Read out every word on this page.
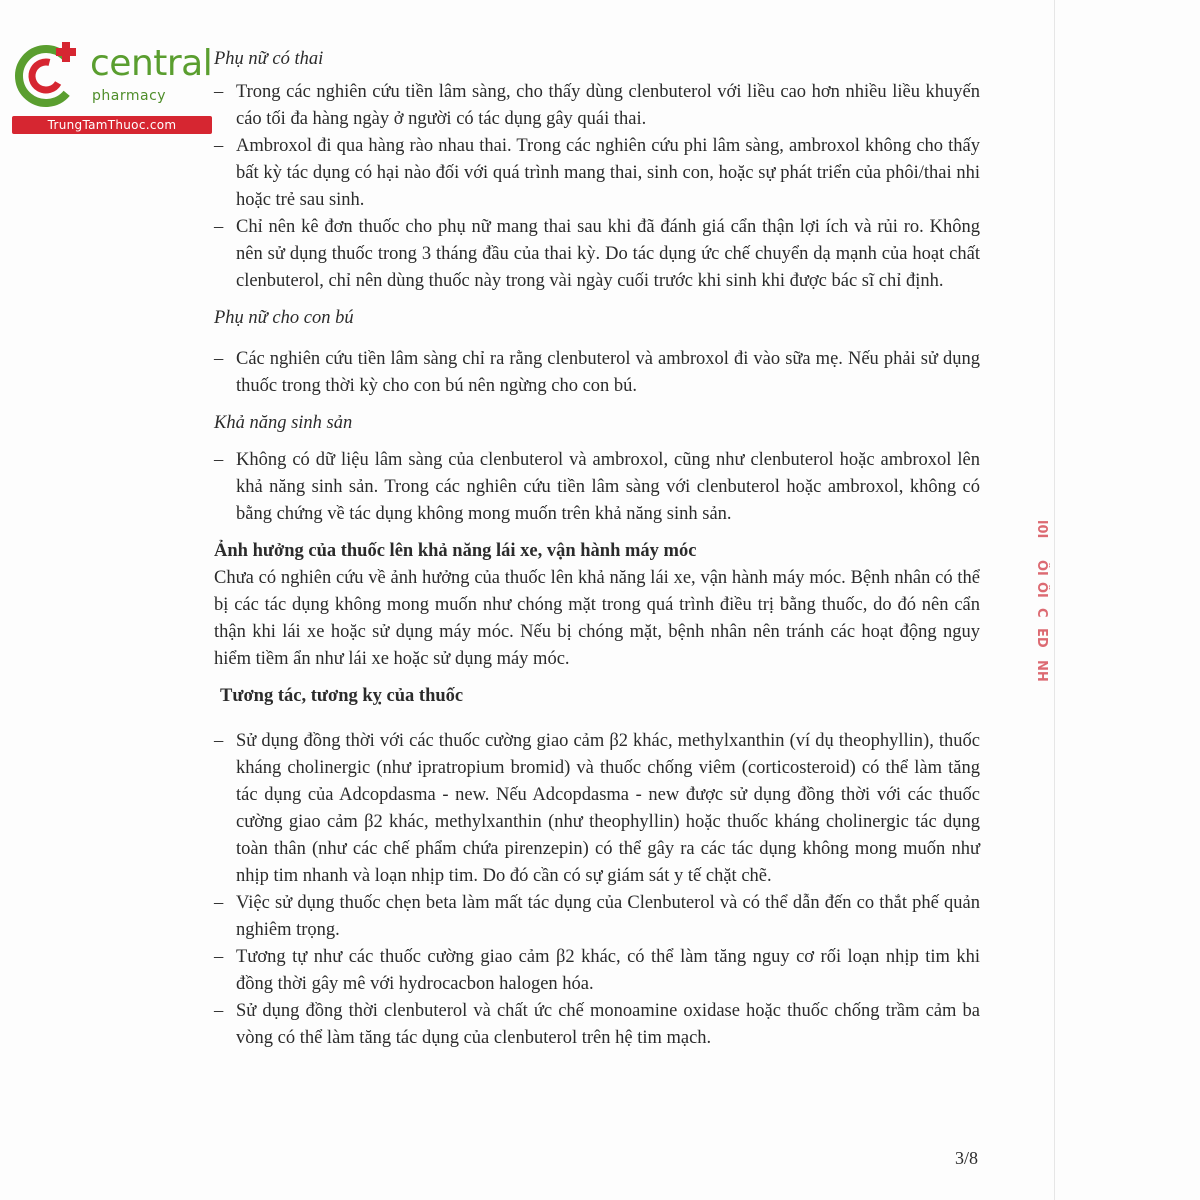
central
pharmacy
TrungTamThuoc.com
Phụ nữ có thai
– Trong các nghiên cứu tiền lâm sàng, cho thấy dùng clenbuterol với liều cao hơn nhiều liều khuyến cáo tối đa hàng ngày ở người có tác dụng gây quái thai.
– Ambroxol đi qua hàng rào nhau thai. Trong các nghiên cứu phi lâm sàng, ambroxol không cho thấy bất kỳ tác dụng có hại nào đối với quá trình mang thai, sinh con, hoặc sự phát triển của phôi/thai nhi hoặc trẻ sau sinh.
– Chỉ nên kê đơn thuốc cho phụ nữ mang thai sau khi đã đánh giá cẩn thận lợi ích và rủi ro. Không nên sử dụng thuốc trong 3 tháng đầu của thai kỳ. Do tác dụng ức chế chuyển dạ mạnh của hoạt chất clenbuterol, chỉ nên dùng thuốc này trong vài ngày cuối trước khi sinh khi được bác sĩ chỉ định.
Phụ nữ cho con bú
– Các nghiên cứu tiền lâm sàng chỉ ra rằng clenbuterol và ambroxol đi vào sữa mẹ. Nếu phải sử dụng thuốc trong thời kỳ cho con bú nên ngừng cho con bú.
Khả năng sinh sản
– Không có dữ liệu lâm sàng của clenbuterol và ambroxol, cũng như clenbuterol hoặc ambroxol lên khả năng sinh sản. Trong các nghiên cứu tiền lâm sàng với clenbuterol hoặc ambroxol, không có bằng chứng về tác dụng không mong muốn trên khả năng sinh sản.
Ảnh hưởng của thuốc lên khả năng lái xe, vận hành máy móc

Chưa có nghiên cứu về ảnh hưởng của thuốc lên khả năng lái xe, vận hành máy móc. Bệnh nhân có thể bị các tác dụng không mong muốn như chóng mặt trong quá trình điều trị bằng thuốc, do đó nên cẩn thận khi lái xe hoặc sử dụng máy móc. Nếu bị chóng mặt, bệnh nhân nên tránh các hoạt động nguy hiểm tiềm ẩn như lái xe hoặc sử dụng máy móc.

Tương tác, tương kỵ của thuốc
– Sử dụng đồng thời với các thuốc cường giao cảm β2 khác, methylxanthin (ví dụ theophyllin), thuốc kháng cholinergic (như ipratropium bromid) và thuốc chống viêm (corticosteroid) có thể làm tăng tác dụng của Adcopdasma - new. Nếu Adcopdasma - new được sử dụng đồng thời với các thuốc cường giao cảm β2 khác, methylxanthin (như theophyllin) hoặc thuốc kháng cholinergic tác dụng toàn thân (như các chế phẩm chứa pirenzepin) có thể gây ra các tác dụng không mong muốn như nhịp tim nhanh và loạn nhịp tim. Do đó cần có sự giám sát y tế chặt chẽ.
– Việc sử dụng thuốc chẹn beta làm mất tác dụng của Clenbuterol và có thể dẫn đến co thắt phế quản nghiêm trọng.
– Tương tự như các thuốc cường giao cảm β2 khác, có thể làm tăng nguy cơ rối loạn nhịp tim khi đồng thời gây mê với hydrocacbon halogen hóa.
– Sử dụng đồng thời clenbuterol và chất ức chế monoamine oxidase hoặc thuốc chống trầm cảm ba vòng có thể làm tăng tác dụng của clenbuterol trên hệ tim mạch.
l0I
ÔI
ÔI
C
ED
NH
3/8
